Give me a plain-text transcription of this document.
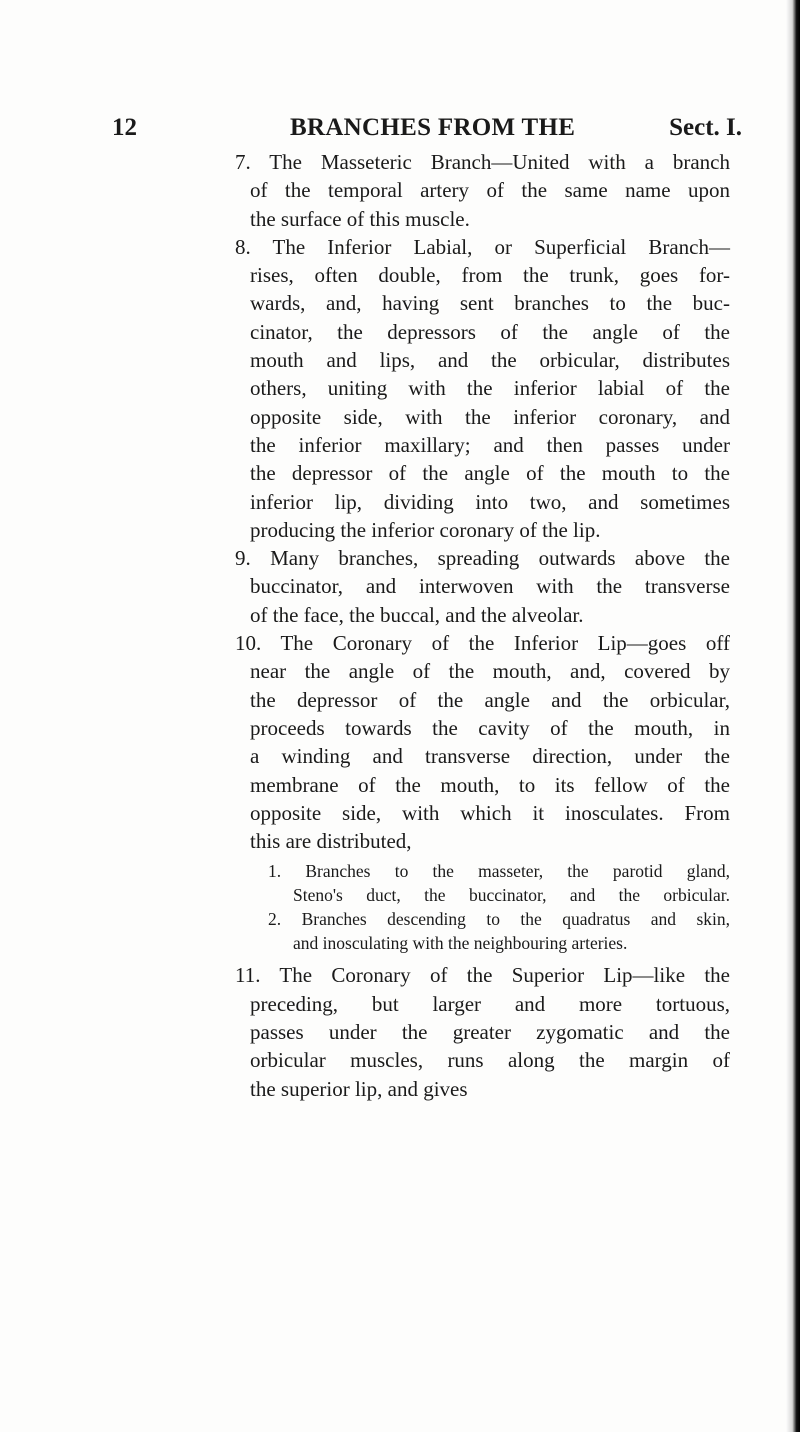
12	BRANCHES FROM THE	Sect. I.
7. The Masseteric Branch—United with a branch
of the temporal artery of the same name upon
the surface of this muscle.
8. The Inferior Labial, or Superficial Branch—
rises, often double, from the trunk, goes for-
wards, and, having sent branches to the buc-
cinator, the depressors of the angle of the
mouth and lips, and the orbicular, distributes
others, uniting with the inferior labial of the
opposite side, with the inferior coronary, and
the inferior maxillary; and then passes under
the depressor of the angle of the mouth to the
inferior lip, dividing into two, and sometimes
producing the inferior coronary of the lip.
9. Many branches, spreading outwards above the
buccinator, and interwoven with the transverse
of the face, the buccal, and the alveolar.
10. The Coronary of the Inferior Lip—goes off
near the angle of the mouth, and, covered by
the depressor of the angle and the orbicular,
proceeds towards the cavity of the mouth, in
a winding and transverse direction, under the
membrane of the mouth, to its fellow of the
opposite side, with which it inosculates. From
this are distributed,
1. Branches to the masseter, the parotid gland,
Steno's duct, the buccinator, and the orbicular.
2. Branches descending to the quadratus and skin,
and inosculating with the neighbouring arteries.
11. The Coronary of the Superior Lip—like the
preceding, but larger and more tortuous,
passes under the greater zygomatic and the
orbicular muscles, runs along the margin of
the superior lip, and gives
